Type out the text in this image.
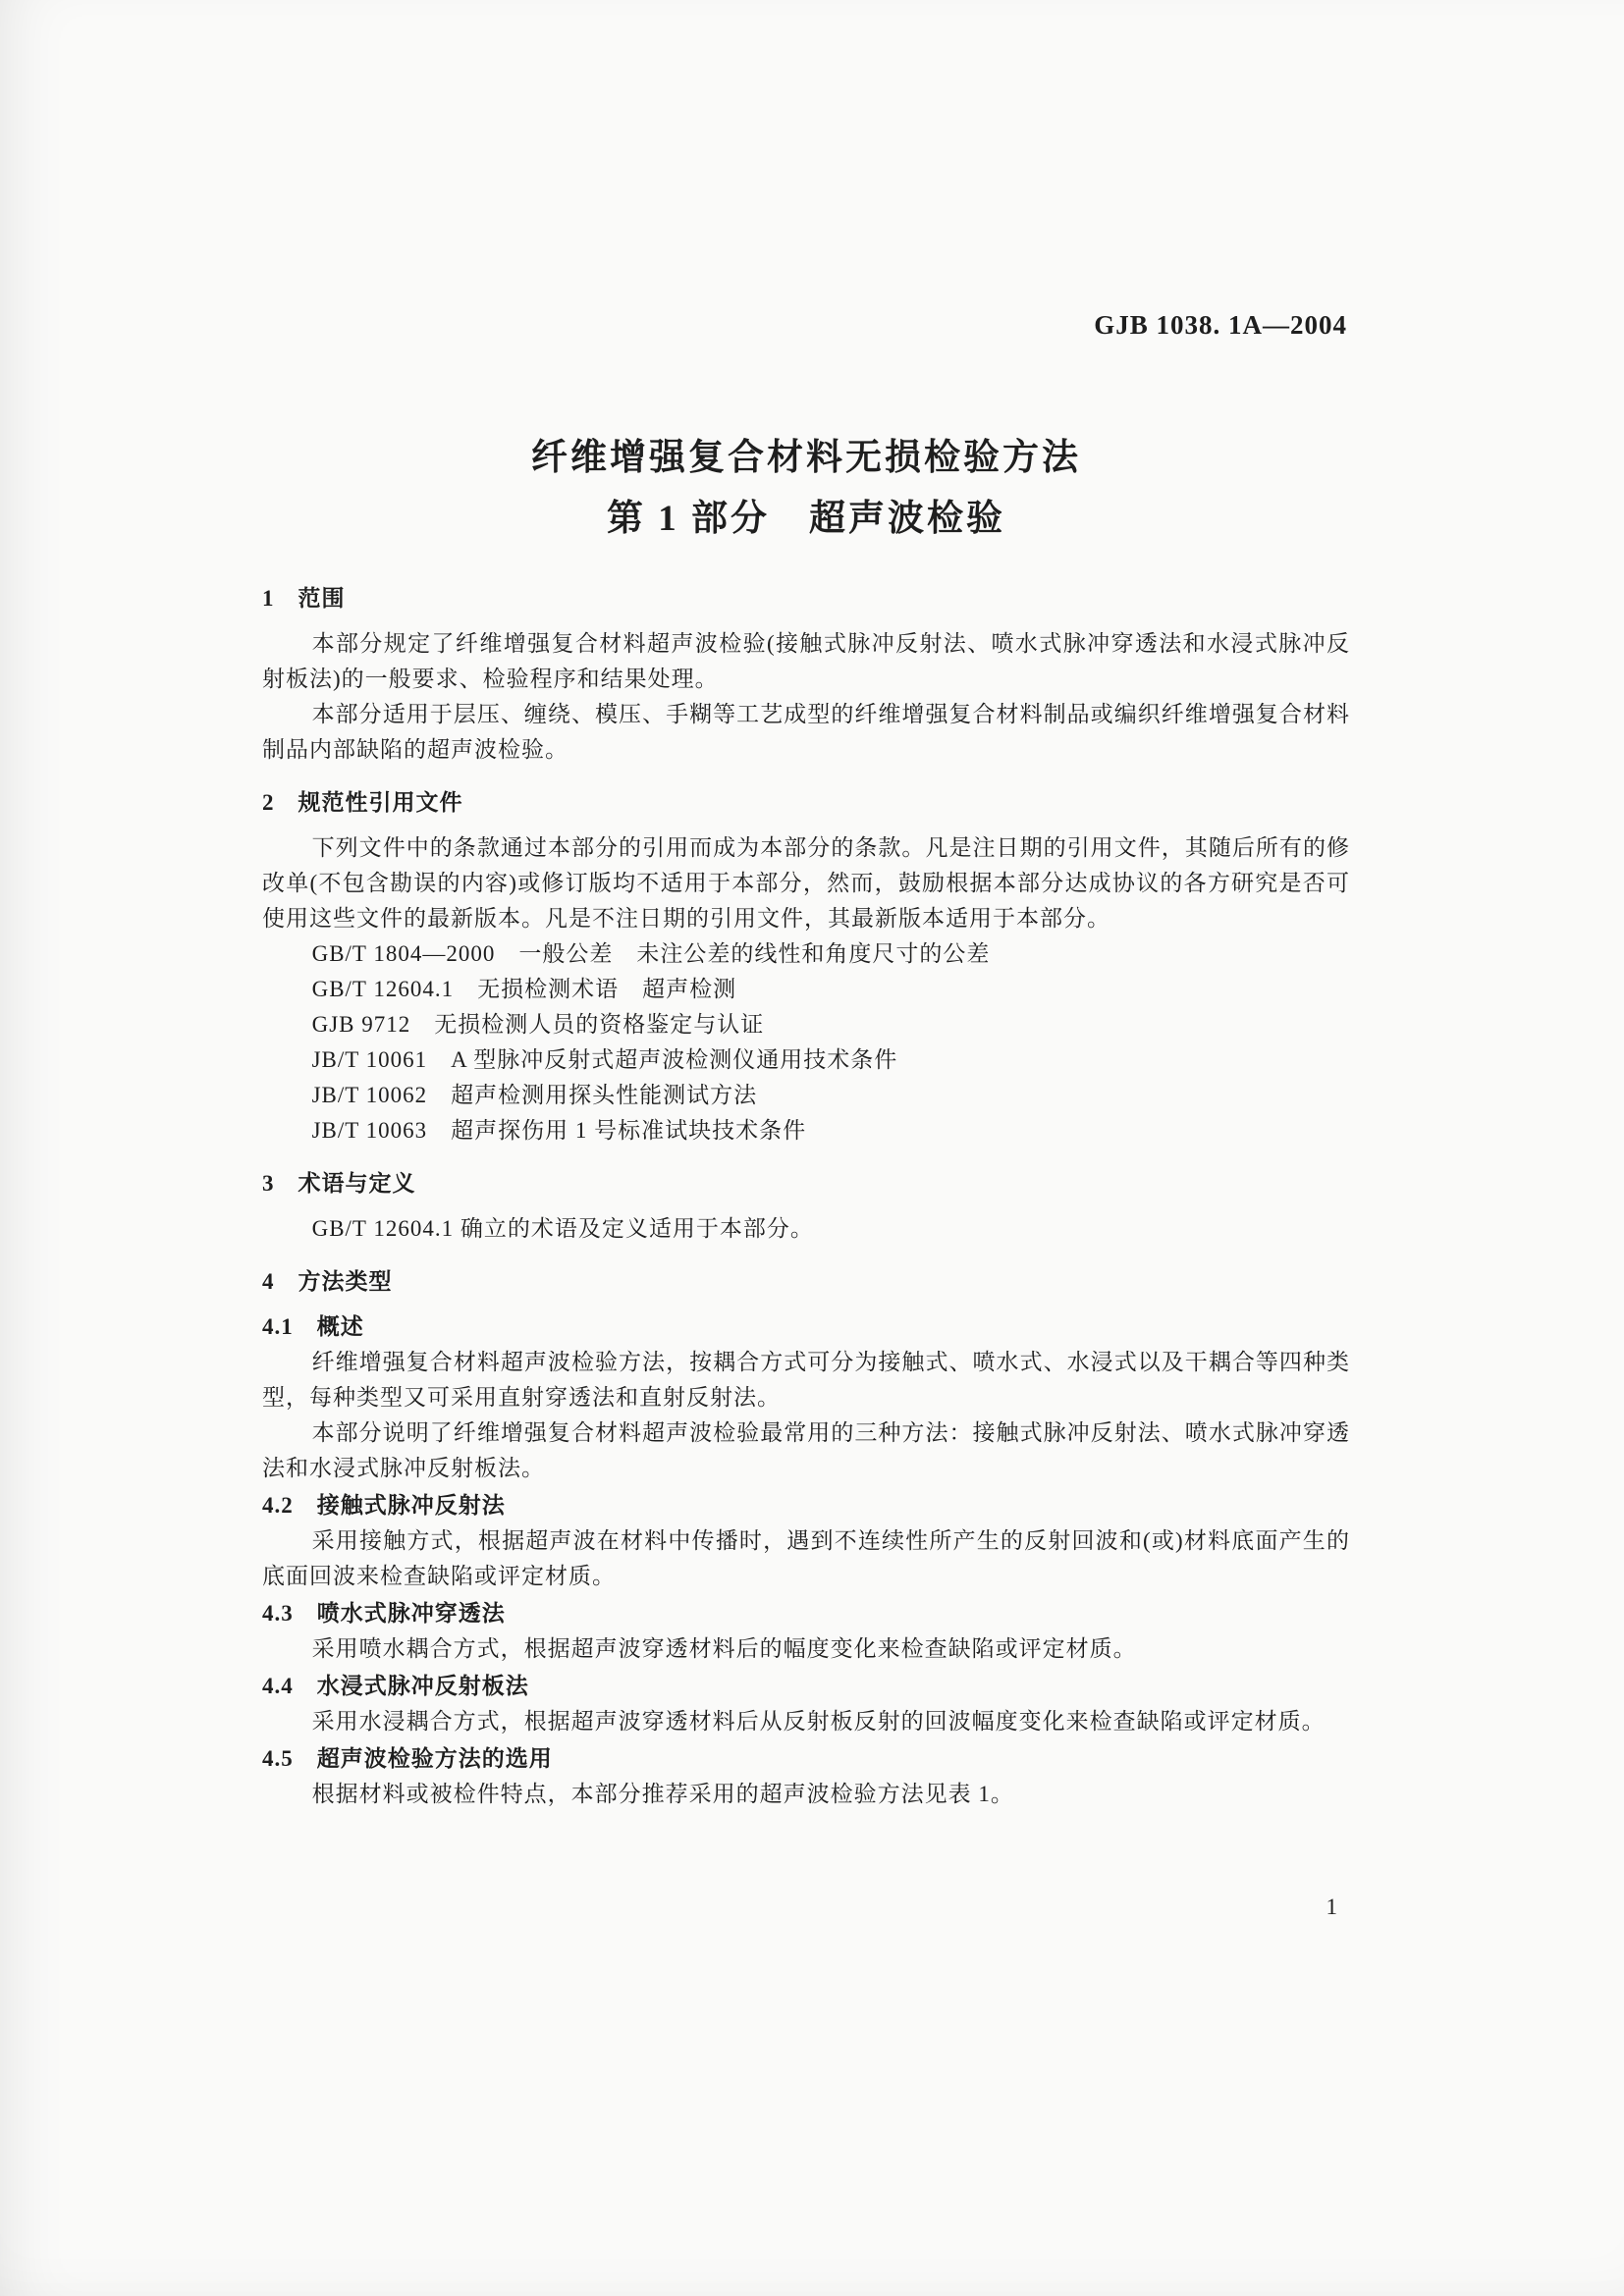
GJB 1038. 1A—2004
纤维增强复合材料无损检验方法
第 1 部分　超声波检验
1　范围

本部分规定了纤维增强复合材料超声波检验(接触式脉冲反射法、喷水式脉冲穿透法和水浸式脉冲反射板法)的一般要求、检验程序和结果处理。

本部分适用于层压、缠绕、模压、手糊等工艺成型的纤维增强复合材料制品或编织纤维增强复合材料制品内部缺陷的超声波检验。

2　规范性引用文件

下列文件中的条款通过本部分的引用而成为本部分的条款。凡是注日期的引用文件，其随后所有的修改单(不包含勘误的内容)或修订版均不适用于本部分，然而，鼓励根据本部分达成协议的各方研究是否可使用这些文件的最新版本。凡是不注日期的引用文件，其最新版本适用于本部分。

GB/T 1804—2000　一般公差　未注公差的线性和角度尺寸的公差
GB/T 12604.1　无损检测术语　超声检测
GJB 9712　无损检测人员的资格鉴定与认证
JB/T 10061　A 型脉冲反射式超声波检测仪通用技术条件
JB/T 10062　超声检测用探头性能测试方法
JB/T 10063　超声探伤用 1 号标准试块技术条件
3　术语与定义

GB/T 12604.1 确立的术语及定义适用于本部分。

4　方法类型
4.1　概述

纤维增强复合材料超声波检验方法，按耦合方式可分为接触式、喷水式、水浸式以及干耦合等四种类型，每种类型又可采用直射穿透法和直射反射法。

本部分说明了纤维增强复合材料超声波检验最常用的三种方法：接触式脉冲反射法、喷水式脉冲穿透法和水浸式脉冲反射板法。

4.2　接触式脉冲反射法

采用接触方式，根据超声波在材料中传播时，遇到不连续性所产生的反射回波和(或)材料底面产生的底面回波来检查缺陷或评定材质。

4.3　喷水式脉冲穿透法

采用喷水耦合方式，根据超声波穿透材料后的幅度变化来检查缺陷或评定材质。

4.4　水浸式脉冲反射板法

采用水浸耦合方式，根据超声波穿透材料后从反射板反射的回波幅度变化来检查缺陷或评定材质。

4.5　超声波检验方法的选用

根据材料或被检件特点，本部分推荐采用的超声波检验方法见表 1。

1
